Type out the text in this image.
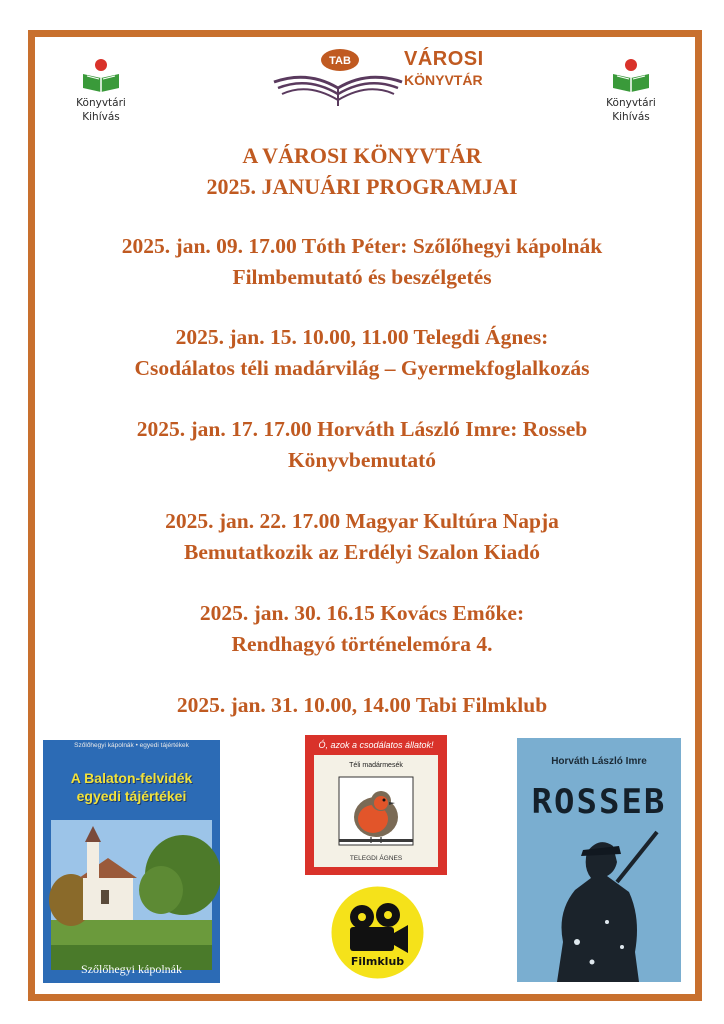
Könyvtári
Kihívás
Könyvtári
Kihívás
TAB	VÁROSI
KÖNYVTÁR
A VÁROSI KÖNYVTÁR
2025. JANUÁRI PROGRAMJAI
2025. jan. 09. 17.00 Tóth Péter: Szőlőhegyi kápolnák
Filmbemutató és beszélgetés
2025. jan. 15. 10.00, 11.00 Telegdi Ágnes:
Csodálatos téli madárvilág – Gyermekfoglalkozás
2025. jan. 17. 17.00 Horváth László Imre: Rosseb
Könyvbemutató
2025. jan. 22. 17.00 Magyar Kultúra Napja
Bemutatkozik az Erdélyi Szalon Kiadó
2025. jan. 30. 16.15 Kovács Emőke:
Rendhagyó történelemóra 4.
2025. jan. 31. 10.00, 14.00 Tabi Filmklub
Szőlőhegyi kápolnák • egyedi tájértékek
A Balaton-felvidék
egyedi tájértékei
Szőlőhegyi kápolnák
Ó, azok a csodálatos állatok!
Téli madármesék
TELEGDI ÁGNES
Filmklub
Horváth László Imre
ROSSEB
